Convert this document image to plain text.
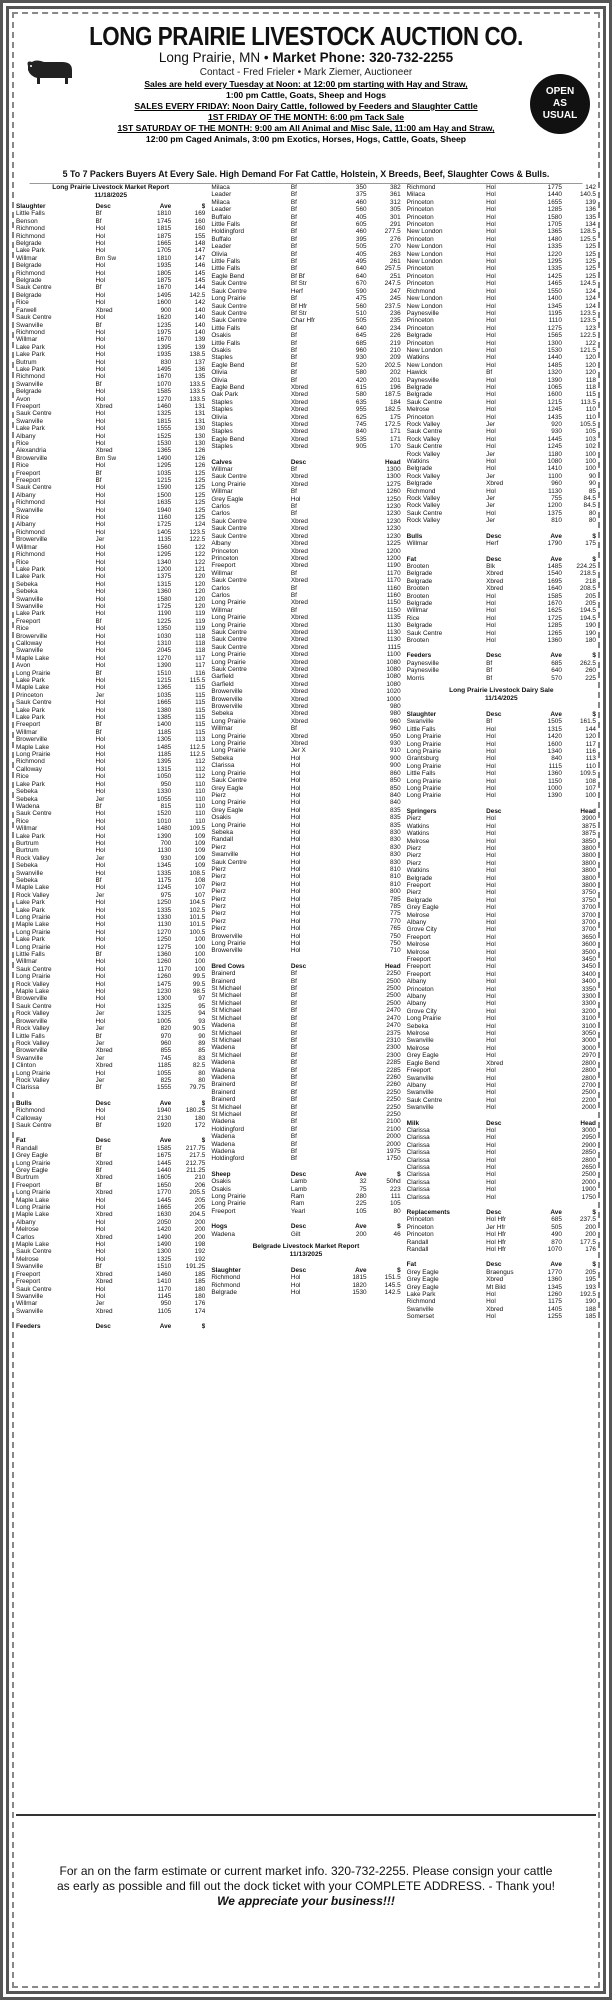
LONG PRAIRIE LIVESTOCK AUCTION CO.
Long Prairie, MN • Market Phone: 320-732-2255
Contact - Fred Frieler • Mark Ziemer, Auctioneer
Sales are held every Tuesday at Noon: at 12:00 pm starting with Hay and Straw,
1:00 pm Cattle, Goats, Sheep and Hogs
SALES EVERY FRIDAY: Noon Dairy Cattle, followed by Feeders and Slaughter Cattle
1ST FRIDAY OF THE MONTH: 6:00 pm Tack Sale
1ST SATURDAY OF THE MONTH: 9:00 am All Animal and Misc Sale, 11:00 am Hay and Straw,
12:00 pm Caged Animals, 3:00 pm Exotics, Horses, Hogs, Cattle, Goats, Sheep
OPEN
AS
USUAL
5 To 7 Packers Buyers At Every Sale. High Demand For Fat Cattle, Holstein, X Breeds, Beef, Slaughter Cows & Bulls.
Long Prairie Livestock Market Report
11/18/2025
Slaughter	Desc	Ave	$
Little Falls	Bf	1810	169
Benson	Bf	1745	160
Richmond	Hol	1815	160
Richmond	Hol	1875	155
Belgrade	Hol	1665	148
Lake Park	Hol	1705	147
Willmar	Brn Sw	1810	147
Belgrade	Hol	1935	146
Richmond	Hol	1805	145
Belgrade	Hol	1875	145
Sauk Centre	Bf	1670	144
Belgrade	Hol	1495	142.5
Rice	Hol	1600	142
Farwell	Xbred	900	140
Sauk Centre	Hol	1620	140
Swanville	Bf	1235	140
Richmond	Hol	1975	140
Willmar	Hol	1670	139
Lake Park	Hol	1395	139
Lake Park	Hol	1935	138.5
Butrum	Hol	830	137
Lake Park	Hol	1495	136
Richmond	Hol	1670	135
Swanville	Bf	1070	133.5
Belgrade	Hol	1585	133.5
Avon	Hol	1270	133.5
Freeport	Xbred	1460	131
Sauk Centre	Hol	1325	131
Swanville	Hol	1815	131
Lake Park	Hol	1555	130
Albany	Hol	1525	130
Rice	Hol	1530	130
Alexandria	Xbred	1365	126
Browerville	Brn Sw	1490	126
Rice	Hol	1295	126
Freeport	Bf	1035	125
Freeport	Bf	1215	125
Sauk Centre	Hol	1590	125
Albany	Hol	1500	125
Richmond	Hol	1635	125
Swanville	Hol	1940	125
Rice	Hol	1160	125
Albany	Hol	1725	124
Richmond	Hol	1405	123.5
Browerville	Jer	1135	122.5
Willmar	Hol	1560	122
Richmond	Hol	1295	122
Rice	Hol	1340	122
Lake Park	Hol	1200	121
Lake Park	Hol	1375	120
Sebeka	Hol	1315	120
Sebeka	Hol	1360	120
Swanville	Hol	1580	120
Swanville	Hol	1725	120
Lake Park	Hol	1190	119
Freeport	Bf	1225	119
Rice	Hol	1350	119
Browerville	Hol	1030	118
Calloway	Hol	1310	118
Swanville	Hol	2045	118
Maple Lake	Hol	1270	117
Avon	Hol	1390	117
Long Prairie	Bf	1510	116
Lake Park	Hol	1215	115.5
Maple Lake	Hol	1365	115
Princeton	Jer	1035	115
Sauk Centre	Hol	1665	115
Lake Park	Hol	1380	115
Lake Park	Hol	1385	115
Freeport	Bf	1400	115
Willmar	Bf	1185	115
Browerville	Hol	1305	113
Maple Lake	Hol	1485	112.5
Long Prairie	Hol	1185	112.5
Richmond	Hol	1395	112
Calloway	Hol	1315	112
Rice	Hol	1050	112
Lake Park	Hol	950	110
Sebeka	Hol	1330	110
Sebeka	Jer	1055	110
Wadena	Bf	815	110
Sauk Centre	Hol	1520	110
Rice	Hol	1010	110
Willmar	Hol	1480	109.5
Lake Park	Hol	1390	109
Burtrum	Hol	700	109
Burtrum	Hol	1130	109
Rock Valley	Jer	930	109
Sebeka	Hol	1345	109
Swanville	Hol	1335	108.5
Sebeka	Bf	1175	108
Maple Lake	Hol	1245	107
Rock Valley	Jer	975	107
Lake Park	Hol	1250	104.5
Lake Park	Hol	1335	102.5
Long Prairie	Hol	1330	101.5
Maple Lake	Hol	1130	101.5
Long Prairie	Hol	1270	100.5
Lake Park	Hol	1250	100
Long Prairie	Hol	1275	100
Little Falls	Bf	1360	100
Willmar	Hol	1260	100
Sauk Centre	Hol	1170	100
Long Prairie	Hol	1260	99.5
Rock Valley	Hol	1475	99.5
Maple Lake	Hol	1230	98.5
Browerville	Hol	1300	97
Sauk Centre	Hol	1325	95
Rock Valley	Jer	1325	94
Browerville	Hol	1005	93
Rock Valley	Jer	820	90.5
Little Falls	Bf	970	90
Rock Valley	Jer	960	89
Browerville	Xbred	855	85
Swanville	Jer	745	83
Clinton	Xbred	1185	82.5
Long Prairie	Hol	1055	80
Rock Valley	Jer	825	80
Clarissa	Bf	1555	79.75
Bulls	Desc	Ave	$
Richmond	Hol	1940	180.25
Calloway	Hol	2130	180
Sauk Centre	Bf	1920	172
Fat	Desc	Ave	$
Randall	Bf	1585	217.75
Grey Eagle	Bf	1675	217.5
Long Prairie	Xbred	1445	212.75
Grey Eagle	Bf	1440	211.25
Burtrum	Xbred	1605	210
Freeport	Bf	1650	206
Long Prairie	Xbred	1770	205.5
Maple Lake	Hol	1445	205
Long Prairie	Hol	1665	205
Maple Lake	Xbred	1630	204.5
Albany	Hol	2050	200
Melrose	Hol	1420	200
Carlos	Xbred	1490	200
Maple Lake	Hol	1490	198
Sauk Centre	Hol	1300	192
Melrose	Hol	1325	192
Swanville	Bf	1510	191.25
Freeport	Xbred	1460	185
Freeport	Xbred	1410	185
Sauk Centre	Hol	1170	180
Swanville	Hol	1145	180
Willmar	Jer	950	176
Swanville	Xbred	1105	174
Feeders	Desc	Ave	$
Milaca	Bf	350	382
Leader	Bf	375	361
Milaca	Bf	460	312
Leader	Bf	560	305
Buffalo	Bf	405	301
Little Falls	Bf	605	291
Holdingford	Bf	460	277.5
Buffalo	Bf	395	276
Leader	Bf	505	270
Olivia	Bf	405	263
Little Falls	Bf	495	261
Little Falls	Bf	640	257.5
Eagle Bend	Bf Bf	640	251
Sauk Centre	Bf Str	670	247.5
Sauk Centre	Herf	590	247
Long Prairie	Bf	475	245
Sauk Centre	Bf Hfr	560	237.5
Sauk Centre	Bf Str	510	236
Sauk Centre	Char Hfr	505	235
Little Falls	Bf	640	234
Osakis	Bf	645	226
Little Falls	Bf	685	219
Osakis	Bf	960	210
Staples	Bf	930	209
Eagle Bend	Bf	520	202.5
Olivia	Bf	580	202
Olivia	Bf	420	201
Eagle Bend	Xbred	615	196
Oak Park	Xbred	580	187.5
Staples	Xbred	635	184
Staples	Xbred	955	182.5
Olivia	Xbred	625	175
Staples	Xbred	745	172.5
Staples	Xbred	840	171
Eagle Bend	Xbred	535	171
Staples	Xbred	905	170
Calves	Desc	Head
Willmar	Bf	1300
Sauk Centre	Xbred	1300
Long Prairie	Xbred	1275
Willmar	Bf	1260
Grey Eagle	Hol	1250
Carlos	Bf	1230
Carlos	Bf	1230
Sauk Centre	Xbred	1230
Sauk Centre	Xbred	1230
Sauk Centre	Xbred	1230
Albany	Xbred	1225
Princeton	Xbred	1200
Princeton	Xbred	1200
Freeport	Xbred	1190
Willmar	Bf	1170
Sauk Centre	Xbred	1170
Carlos	Bf	1160
Carlos	Bf	1160
Long Prairie	Xbred	1150
Willmar	Bf	1150
Long Prairie	Xbred	1135
Long Prairie	Xbred	1130
Sauk Centre	Xbred	1130
Sauk Centre	Xbred	1130
Sauk Centre	Xbred	1115
Long Prairie	Xbred	1100
Long Prairie	Xbred	1080
Sauk Centre	Xbred	1080
Garfield	Xbred	1080
Garfield	Xbred	1080
Browerville	Xbred	1020
Browerville	Xbred	1000
Browerville	Xbred	980
Sebeka	Xbred	980
Long Prairie	Xbred	960
Willmar	Bf	960
Long Prairie	Xbred	950
Long Prairie	Xbred	930
Long Prairie	Jer X	910
Sebeka	Hol	900
Clarissa	Hol	900
Long Prairie	Hol	860
Sauk Centre	Hol	850
Grey Eagle	Hol	850
Pierz	Hol	840
Long Prairie	Hol	840
Grey Eagle	Hol	835
Osakis	Hol	835
Long Prairie	Hol	835
Sebeka	Hol	830
Randall	Hol	830
Pierz	Hol	830
Swanville	Hol	830
Sauk Centre	Hol	830
Pierz	Hol	810
Pierz	Hol	810
Pierz	Hol	810
Pierz	Hol	800
Pierz	Hol	785
Pierz	Hol	785
Pierz	Hol	775
Pierz	Hol	770
Pierz	Hol	765
Browerville	Hol	750
Long Prairie	Hol	750
Browerville	Hol	710
Bred Cows	Desc	Head
Brainerd	Bf	2250
Brainerd	Bf	2500
St Michael	Bf	2500
St Michael	Bf	2500
St Michael	Bf	2500
St Michael	Bf	2470
St Michael	Bf	2470
Wadena	Bf	2470
St Michael	Bf	2375
St Michael	Bf	2310
Wadena	Bf	2300
St Michael	Bf	2300
Wadena	Bf	2285
Wadena	Bf	2285
Wadena	Bf	2260
Brainerd	Bf	2260
Brainerd	Bf	2250
Brainerd	Bf	2250
St Michael	Bf	2250
St Michael	Bf	2250
Wadena	Bf	2100
Holdingford	Bf	2100
Wadena	Bf	2000
Wadena	Bf	2000
Wadena	Bf	1975
Holdingford	Bf	1750
Sheep	Desc	Ave	$
Osakis	Lamb	32	50hd
Osakis	Lamb	75	223
Long Prairie	Ram	280	111
Long Prairie	Ram	225	105
Freeport	Yearl	105	80
Hogs	Desc	Ave	$
Wadena	Gilt	200	46
Belgrade Livestock Market Report
11/13/2025
Slaughter	Desc	Ave	$
Richmond	Hol	1815	151.5
Richmond	Hol	1820	145.5
Belgrade	Hol	1530	142.5
Richmond	Hol	1775	142
Milaca	Hol	1440	140.5
Princeton	Hol	1655	139
Princeton	Hol	1285	136
Princeton	Hol	1580	135
Princeton	Hol	1705	134
New London	Hol	1365	128.5
Princeton	Hol	1480	125.5
New London	Hol	1335	125
New London	Hol	1220	125
New London	Hol	1295	125
Princeton	Hol	1335	125
Princeton	Hol	1425	125
Princeton	Hol	1465	124.5
Richmond	Hol	1550	124
New London	Hol	1400	124
New London	Hol	1345	124
Paynesville	Hol	1195	123.5
Princeton	Hol	1110	123.5
Princeton	Hol	1275	123
Belgrade	Hol	1565	122.5
Princeton	Hol	1300	122
New London	Hol	1530	121.5
Watkins	Hol	1440	120
New London	Hol	1485	120
Hawick	Bf	1320	120
Paynesville	Hol	1390	118
Belgrade	Hol	1065	118
Belgrade	Hol	1600	115
Sauk Centre	Hol	1215	113.5
Melrose	Hol	1245	110
Princeton	Hol	1435	110
Rock Valley	Jer	920	105.5
Sauk Centre	Hol	930	105
Rock Valley	Hol	1445	103
Sauk Centre	Hol	1245	102
Rock Valley	Jer	1180	100
Watkins	Hol	1080	100
Belgrade	Hol	1410	100
Rock Valley	Jer	1100	90
Belgrade	Xbred	960	90
Richmond	Hol	1130	85
Rock Valley	Jer	755	84.5
Rock Valley	Jer	1200	84.5
Sauk Centre	Hol	1375	80
Rock Valley	Jer	810	80
Bulls	Desc	Ave	$
Willmar	Herf	1790	175
Fat	Desc	Ave	$
Brooten	Blk	1485	224.25
Belgrade	Xbred	1540	218.5
Belgrade	Xbred	1695	218
Brooten	Xbred	1640	208.5
Brooten	Hol	1585	205
Belgrade	Hol	1670	205
Willmar	Hol	1625	194.5
Rice	Hol	1725	194.5
Belgrade	Hol	1285	190
Sauk Centre	Hol	1265	190
Brooten	Hol	1360	180
Feeders	Desc	Ave	$
Paynesville	Bf	685	262.5
Paynesville	Bf	640	260
Morris	Bf	570	225
Long Prairie Livestock Dairy Sale
11/14/2025
Slaughter	Desc	Ave	$
Swanville	Bf	1505	161.5
Little Falls	Hol	1315	144
Long Prairie	Hol	1420	120
Long Prairie	Hol	1600	117
Long Prairie	Hol	1340	116
Grantsburg	Hol	840	113
Long Prairie	Hol	1115	110
Little Falls	Hol	1360	109.5
Long Prairie	Hol	1150	108
Long Prairie	Hol	1000	107
Long Prairie	Hol	1390	100
Springers	Desc	Head
Pierz	Hol	3900
Watkins	Hol	3875
Watkins	Hol	3875
Melrose	Hol	3850
Pierz	Hol	3800
Pierz	Hol	3800
Pierz	Hol	3800
Watkins	Hol	3800
Belgrade	Hol	3800
Freeport	Hol	3800
Pierz	Hol	3750
Belgrade	Hol	3750
Grey Eagle	Hol	3700
Melrose	Hol	3700
Albany	Hol	3700
Grove City	Hol	3700
Freeport	Hol	3650
Melrose	Hol	3600
Melrose	Hol	3500
Freeport	Hol	3450
Freeport	Hol	3450
Freeport	Hol	3400
Albany	Hol	3400
Princeton	Hol	3350
Albany	Hol	3300
Albany	Hol	3300
Grove City	Hol	3200
Long Prairie	Hol	3100
Sebeka	Hol	3100
Melrose	Hol	3050
Swanville	Hol	3000
Melrose	Hol	3000
Grey Eagle	Hol	2970
Eagle Bend	Xbred	2800
Freeport	Hol	2800
Swanville	Hol	2800
Albany	Hol	2700
Swanville	Hol	2500
Sauk Centre	Hol	2200
Swanville	Hol	2000
Milk	Desc	Head
Clarissa	Hol	3000
Clarissa	Hol	2950
Clarissa	Hol	2900
Clarissa	Hol	2850
Clarissa	Hol	2800
Clarissa	Hol	2650
Clarissa	Hol	2500
Clarissa	Hol	2000
Clarissa	Hol	1900
Clarissa	Hol	1750
Replacements	Desc	Ave	$
Princeton	Hol Hfr	685	237.5
Princeton	Jer Hfr	505	200
Princeton	Hol Hfr	490	200
Randall	Hol Hfr	870	177.5
Randall	Hol Hfr	1070	176
Fat	Desc	Ave	$
Grey Eagle	Braengus	1770	205
Grey Eagle	Xbred	1360	195
Grey Eagle	Mt Bild	1345	193
Lake Park	Hol	1260	192.5
Richmond	Hol	1175	190
Swanville	Xbred	1405	188
Somerset	Hol	1255	185
For an on the farm estimate or current market info. 320-732-2255. Please consign your cattle
as early as possible and fill out the dock ticket with your COMPLETE ADDRESS. - Thank you!
We appreciate your business!!!
